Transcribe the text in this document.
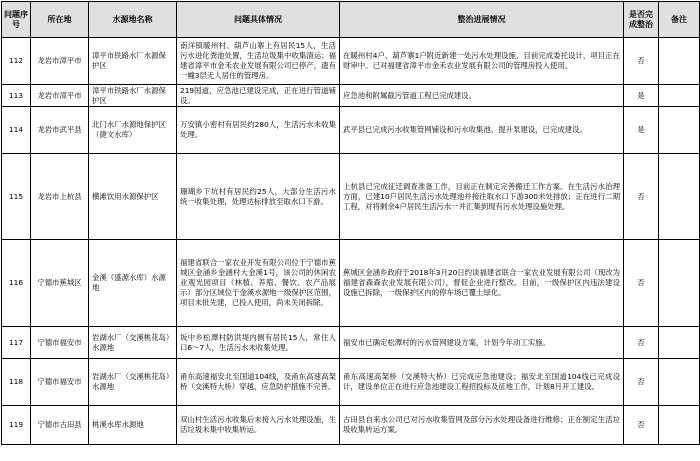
问题序号	所在地	水源地名称	问题具体情况	整治进展情况	是否完成整治	备注
112	龙岩市漳平市	漳平市铁路水厂水源保护区	南洋镇暖州村、葫芦山寨上有居民15人，生活污水进化粪池处置，生活垃圾集中收集清运；福建省漳平市金禾农业发展有限公司已停产，遗有一幢3层无人居住的管理房。	在暖州村4户、葫芦寨1户附近新建一处污水处理设施，目前完成委托设计，项目正在财审中。已对福建省漳平市金禾农业发展有限公司的管理房投入使用。	否	
113	龙岩市漳平市	漳平市铁路水厂水源保护区	219国道，应急池已建设完成，正在进行管道铺设。	应急池和附属截污管道工程已完成建设。	是	
114	龙岩市武平县	北门水厂水源地保护区（捷文水库）	万安镇小密村有居民约280人，生活污水未收集处理。	武平县已完成污水收集管网铺设和污水收集池、提升泵建设，已完成建设。	是	
115	龙岩市上杭县	横滩饮用水源保护区	珊瑚乡下坑村有居民约25人，大部分生活污水统一收集处理，处理达标排放至取水口下游。	上杭县已完成征迁调查准备工作，目前正在制定完善搬迁工作方案。在生活污水治理方面，已建10户居民生活污水处理池并接往取水口下游300米处排放；正在进行二期工程，对将剩余4户居民生活污水一并汇集到现有污水处理设施处理。	否	
116	宁德市蕉城区	金溪（盛源水库）水源地	福建省联合一家农业开发有限公司位于宁德市蕉城区金涵乡金涵村大金溪1号，该公司的休闲农业观光园项目（林植、养殖、餐饮、农产品展示）部分区域位于金溪水源地一级保护区范围，项目未批先建，已投入使用，尚未关闭拆除。	蕉城区金涵乡政府于2018年3月20日约谈福建省联合一家农业发展有限公司（现改为福建省森森农业发展有限公司），督促企业进行整改。目前，一级保护区内违法建设设施已拆除，一级保护区内的停车场已覆土绿化。	否	
117	宁德市福安市	岩湖水厂（交溪桃花岛）水源地	坂中乡松潭村防洪堤内侧有居民15人，常住人口6～7人，生活污水未收集处理。	福安市已确定松潭村的污水管网建设方案，计划今年动工实施。	否	
118	宁德市福安市	岩湖水厂（交溪桃花岛）水源地	甬东高速福安北至国道104线，及甬东高速高架桥（交溪特大桥）穿越，应急防护措施不完善。	甬东高速高架桥（交溪特大桥）已完成应急池建设；福安北至国道104线已完成设计，建设单位正在进行应急池建设工程招投标及征地工作，计划8月开工建设。	否	
119	宁德市古田县	桃溪水库水源地	双山村生活污水收集后未接入污水处理设施，生活垃圾未集中收集转运。	古田县自来水公司已对污水收集管网及部分污水处理设备进行维修；正在制定生活垃圾收集转运方案。	否	
